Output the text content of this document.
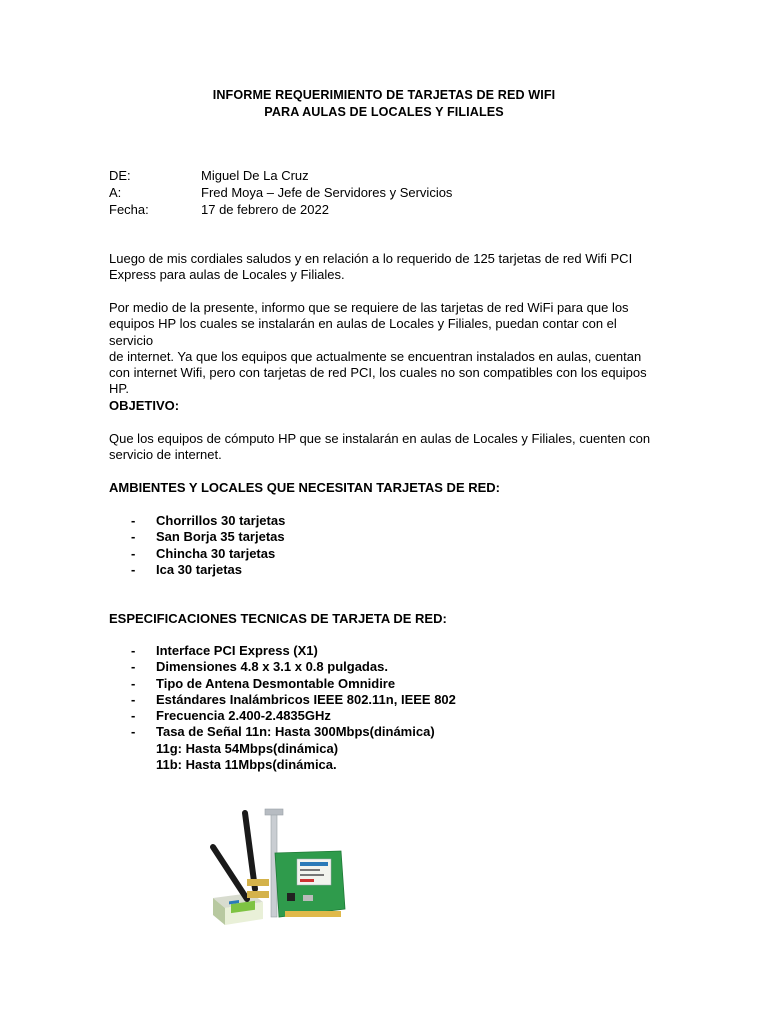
INFORME REQUERIMIENTO DE TARJETAS DE RED WIFI
PARA AULAS DE LOCALES Y FILIALES
DE:	Miguel De La Cruz
A:	Fred Moya – Jefe de Servidores y Servicios
Fecha:	17 de febrero de 2022
Luego de mis cordiales saludos y en relación a lo requerido de 125 tarjetas de red Wifi PCI
Express para aulas de Locales y Filiales.
Por medio de la presente, informo que se requiere de las tarjetas de red WiFi para que los
equipos HP los cuales se instalarán en aulas de Locales y Filiales, puedan contar con el servicio
de internet. Ya que los equipos que actualmente se encuentran instalados en aulas, cuentan
con internet Wifi, pero con tarjetas de red PCI, los cuales no son compatibles con los equipos
HP.
OBJETIVO:
Que los equipos de cómputo HP que se instalarán en aulas de Locales y Filiales, cuenten con
servicio de internet.
AMBIENTES Y LOCALES QUE NECESITAN TARJETAS DE RED:
- Chorrillos 30 tarjetas
- San Borja 35 tarjetas
- Chincha 30 tarjetas
- Ica 30 tarjetas
ESPECIFICACIONES TECNICAS DE TARJETA DE RED:
- Interface PCI Express (X1)
- Dimensiones 4.8 x 3.1 x 0.8 pulgadas.
- Tipo de Antena Desmontable Omnidire
- Estándares Inalámbricos IEEE 802.11n, IEEE 802
- Frecuencia 2.400-2.4835GHz
- Tasa de Señal 11n: Hasta 300Mbps(dinámica)
11g: Hasta 54Mbps(dinámica)
11b: Hasta 11Mbps(dinámica.
